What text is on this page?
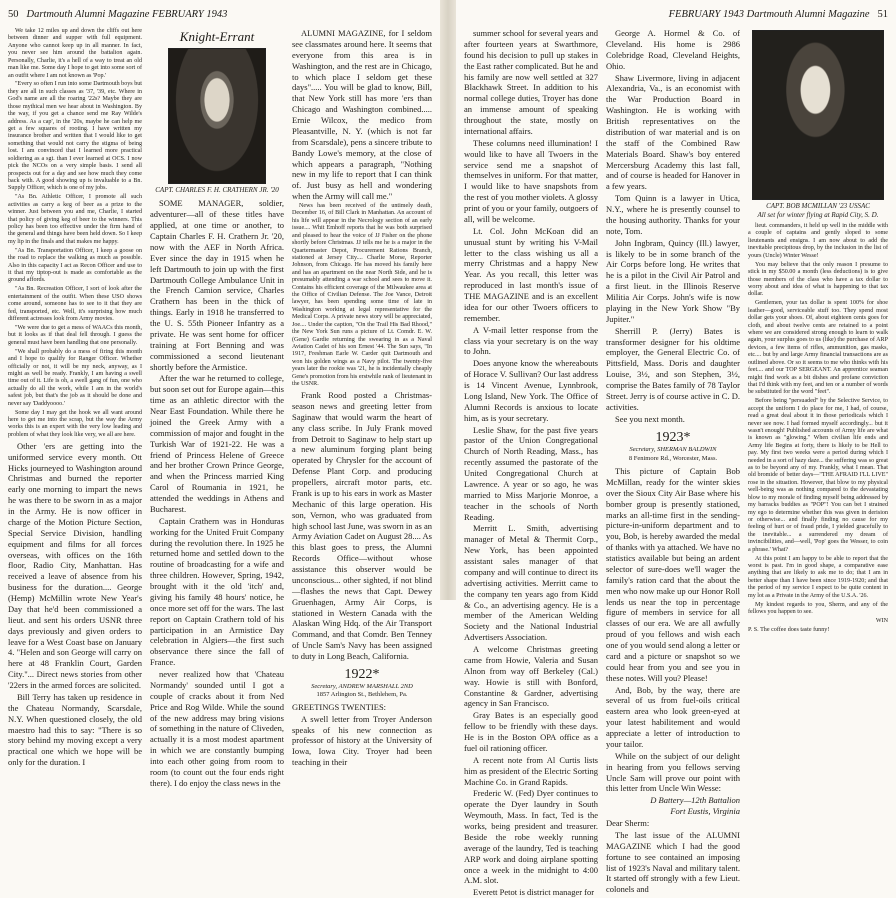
50 Dartmouth Alumni Magazine FEBRUARY 1943

We take 12 miles up and down the cliffs out here between dinner and supper with full equipment. Anyone who cannot keep up in all manner. In fact, you never see him around the battalion again. Personally, Charlie, it's a hell of a way to treat an old man like me. Some day I hope to get into some sort of an outfit where I am not known as 'Pop.'

"Every so often I run into some Dartmouth boys but they are all in such classes as '37, '39, etc. Where in God's name are all the roaring '22s? Maybe they are those mythical men we hear about in Washington. By the way, if you get a chance send me Ray Wilde's address. As a cap', in the '20s, maybe he can help me get a few squares of rooting. I have written my insurance brother and written that I would like to get something that would not carry the stigma of being lost. I am convinced that I learned more practical soldiering as a sgt. than I ever learned at OCS. I now pick the NCOs on a very simple basis. I send all prospects out for a day and see how much they come back with. A good showing up is invaluable to a Bn. Supply Officer, which is one of my jobs.

"As Bn. Athletic Officer, I promote all such activities as carry a keg of beer as a prize to the winner. Just between you and me, Charlie, I started that policy of giving keg of beer to the winners. This policy has been too effective under the firm hand of the general and things have been held down. So I keep my lip in the finals and that makes me happy.

"As Bn. Transportation Officer, I keep a goose on the road to replace the walking as much as possible. Also in this capacity I act as Recon Officer and use to it that my tiptop-out is made as comfortable as the ground affords.

"As Bn. Recreation Officer, I sort of look after the entertainment of the outfit. When these USO shows come around, someone has to see to it that they are fed, transported, etc. Well, it's surprising how much different actresses look from Army movies.

"We were due to get a mess of WAACs this month, but it looks as if that deal fell through. I guess the general must have been handling that one personally.

"We shall probably do a mess of firing this month and I hope to qualify for Ranger Officer. Whether officially or not, it will be my neck, anyway, as I might as well be ready. Frankly, I am having a swell time out of it. Life is oh, a swell gang of fun, one who actually do all the work, while I am in the world's safest job, but that's the job as it should be done and never say 'Daddyoooo.'

Some day I may get the hook we all want around here to get me into the scrap, but the way the Army works this is an expert with the very low leading and problem of what they look like very, we all are here.

Other 'ers are getting into the uniformed service every month. Ott Hicks journeyed to Washington around Christmas and burned the reporter early one morning to impart the news he was there to be sworn in as a major in the Army. He is now officer in charge of the Motion Picture Section, Special Service Division, handling equipment and films for all forces overseas, with offices on the 16th floor, Radio City, Manhattan. Has received a leave of absence from his business for the duration.... George (Hemp) McMillin wrote New Year's Day that he'd been commissioned a lieut. and sent his orders USNR three days previously and given orders to leave for a West Coast base on January 4. "Helen and son George will carry on here at 48 Franklin Court, Garden City."... Direct news stories from other '22ers in the armed forces are solicited.

Bill Terry has taken up residence in the Chateau Normandy, Scarsdale, N.Y. When questioned closely, the old maestro had this to say: "There is so story behind my moving except a very practical one which we hope will be only for the duration. I

Knight-Errant
CAPT. CHARLES F. H. CRATHERN JR. '20

SOME MANAGER, soldier, adventurer—all of these titles have applied, at one time or another, to Captain Charles F. H. Crathern Jr. '20, now with the AEF in North Africa. Ever since the day in 1915 when he left Dartmouth to join up with the first Dartmouth College Ambulance Unit in the French Camion service, Charles Crathern has been in the thick of things. Early in 1918 he transferred to the U. S. 55th Pioneer Infantry as a private. He was sent home for officer training at Fort Benning and was commissioned a second lieutenant shortly before the Armistice.

After the war he returned to college, but soon set out for Europe again—this time as an athletic director with the Near East Foundation. While there he joined the Greek Army with a commission of major and fought in the Turkish War of 1921-22. He was a friend of Princess Helene of Greece and her brother Crown Prince George, and when the Princess married King Carol of Roumania in 1921, he attended the weddings in Athens and Bucharest.

Captain Crathern was in Honduras working for the United Fruit Company during the revolution there. In 1925 he returned home and settled down to the routine of broadcasting for a wife and three children. However, Spring, 1942, brought with it the old 'itch' and, giving his family 48 hours' notice, he once more set off for the wars. The last report on Captain Crathern told of his participation in an Armistice Day celebration in Algiers—the first such observance there since the fall of France.

never realized how that 'Chateau Normandy' sounded until I got a couple of cracks about it from Ned Price and Rog Wilde. While the sound of the new address may bring visions of something in the nature of Cliveden, actually it is a most modest apartment in which we are constantly bumping into each other going from room to room (to count out the four ends right there). I do enjoy the class news in the

ALUMNI MAGAZINE, for I seldom see classmates around here. It seems that everyone from this area is in Washington, and the rest are in Chicago, to which place I seldom get these days"..... You will be glad to know, Bill, that New York still has more 'ers than Chicago and Washington combined..... Ernie Wilcox, the medico from Pleasantville, N. Y. (which is not far from Scarsdale), pens a sincere tribute to Bandy Lowe's memory, at the close of which appears a paragraph, "Nothing new in my life to report that I can think of. Just busy as hell and wondering when the Army will call me."

News has been received of the untimely death, December 16, of Bill Clark in Manhattan. An account of his life will appear in the Necrology section of an early issue.... Whit Emhoff reports that he was both surprised and pleased to hear the voice of JJ Fisher on the phone shortly before Christmas. JJ tells me he is a major in the Quartermaster Depot, Procurement Rations Branch, stationed at Jersey City.... Charlie Morse, Reporter Johnson, from Chicago. He has moved his family here and has an apartment on the near North Side, and he is presumably attending a war school and sees to move it. Contains his efficient coverage of the Milwaukee area at the Office of Civilian Defense. The Joe Vance, Detroit lawyer, has been spending some time of late in Washington working at legal representative for the Medical Corps. A private news story will be appreciated, Joe.... Under the caption, "On the Trail His Bad Rhood," the New York Sun runs a picture of Lt. Comdr. E. W. (Gene) Gardie returning the swearing in as a Naval Aviation Cadet of his son Ernest '44. The Sun says, "In 1917, Freshman Earle W. Carder quit Dartmouth and won his golden wings as a Navy pilot. The twenty-five years later the rookie was '21, he is incidentally cheaply Gene's promotion from his erstwhile rank of lieutenant in the USNR.

Frank Rood posted a Christmas-season news and greeting letter from Saginaw that would warm the heart of any class scribe. In July Frank moved from Detroit to Saginaw to help start up a new aluminum forging plant being operated by Chrysler for the account of Defense Plant Corp. and producing propellers, aircraft motor parts, etc. Frank is up to his ears in work as Master Mechanic of this large operation. His son, Vernon, who was graduated from high school last June, was sworn in as an Army Aviation Cadet on August 28.... As this blast goes to press, the Alumni Records Office—without whose assistance this observer would be unconscious... other sighted, if not blind—flashes the news that Capt. Dewey Gruenhagen, Army Air Corps, is stationed in Western Canada with the Alaskan Wing Hdq. of the Air Transport Command, and that Comdr. Ben Tenney of Uncle Sam's Navy has been assigned to duty in Long Beach, California.

1922*
Secretary, ANDREW MARSHALL 2ND
1857 Arlington St., Bethlehem, Pa.

GREETINGS TWENTIES:

A swell letter from Troyer Anderson speaks of his new connection as professor of history at the University of Iowa, Iowa City. Troyer had been teaching in their

FEBRUARY 1943 Dartmouth Alumni Magazine 51

summer school for several years and after fourteen years at Swarthmore, found his decision to pull up stakes in the East rather complicated. But he and his family are now well settled at 327 Blackhawk Street. In addition to his normal college duties, Troyer has done an immense amount of speaking throughout the state, mostly on international affairs.

These columns need illumination! I would like to have all Twoers in the service send me a snapshot of themselves in uniform. For that matter, I would like to have snapshots from the rest of you mother violets. A glossy print of you or your family, outgoers of all, will be welcome.

Lt. Col. John McKoan did an unusual stunt by writing his V-Mail letter to the class wishing us all a merry Christmas and a happy New Year. As you recall, this letter was reproduced in last month's issue of THE MAGAZINE and is an excellent idea for our other Twoers officers to remember.

A V-mail letter response from the class via your secretary is on the way to John.

Does anyone know the whereabouts of Horace V. Sullivan? Our last address is 14 Vincent Avenue, Lynnbrook, Long Island, New York. The Office of Alumni Records is anxious to locate him, as is your secretary.

Leslie Shaw, for the past five years pastor of the Union Congregational Church of North Reading, Mass., has recently assumed the pastorate of the United Congregational Church at Lawrence. A year or so ago, he was married to Miss Marjorie Monroe, a teacher in the schools of North Reading.

Merritt L. Smith, advertising manager of Metal & Thermit Corp., New York, has been appointed assistant sales manager of that company and will continue to direct its advertising activities. Merritt came to the company ten years ago from Kidd & Co., an advertising agency. He is a member of the American Welding Society and the National Industrial Advertisers Association.

A welcome Christmas greeting came from Howie, Valeria and Susan Alnon from way off Berkeley (Cal.) way. Howie is still with Bonford, Constantine & Gardner, advertising agency in San Francisco.

Gray Bates is an especially good fellow to be friendly with these days. He is in the Boston OPA office as a fuel oil rationing officer.

A recent note from Al Curtis lists him as president of the Electric Sorting Machine Co. in Grand Rapids.

Frederic W. (Fed) Dyer continues to operate the Dyer laundry in South Weymouth, Mass. In fact, Ted is the works, being president and treasurer. Beside the robe weekly running average of the laundry, Ted is teaching ARP work and doing airplane spotting once a week in the midnight to 4:00 A.M. slot.

Everett Petot is district manager for

George A. Hormel & Co. of Cleveland. His home is 2986 Colebridge Road, Cleveland Heights, Ohio.

Shaw Livermore, living in adjacent Alexandria, Va., is an economist with the War Production Board in Washington. He is working with British representatives on the distribution of war material and is on the staff of the Combined Raw Materials Board. Shaw's boy entered Mercersburg Academy this last fall, and of course is headed for Hanover in a few years.

Tom Quinn is a lawyer in Utica, N.Y., where he is presently counsel to the housing authority. Thanks for your note, Tom.

John Ingbram, Quincy (Ill.) lawyer, is likely to be in some branch of the Air Corps before long. He writes that he is a pilot in the Civil Air Patrol and a first lieut. in the Illinois Reserve Militia Air Corps. John's wife is now playing in the New York Show "By Jupiter."

Sherrill P. (Jerry) Bates is transformer designer for his oldtime employer, the General Electric Co. of Pittsfield, Mass. Doris and daughter Louise, 3½, and son Stephen, 3½, comprise the Bates family of 78 Taylor Street. Jerry is of course active in C. D. activities.

See you next month.

1923*
Secretary, SHERMAN BALDWIN
8 Fenimore Rd., Worcester, Mass.

This picture of Captain Bob McMillan, ready for the winter skies over the Sioux City Air Base where his bomber group is presently stationed, marks an all-time first in the sending-picture-in-uniform department and to you, Bob, is hereby awarded the medal of thanks with ya attached. We have no statistics available but being an ardent selector of sure-does we'll wager the family's ration card that the about the men who now make up our Honor Roll lends us near the top in percentage figure of members in service for all classes of our era. We are all awfully proud of you fellows and wish each one of you would send along a letter or card and a picture or snapshot so we could hear from you and see you in these notes. Will you? Please!

And, Bob, by the way, there are several of us from fuel-oils critical eastern area who look green-eyed at your latest habilitement and would appreciate a letter of introduction to your tailor.

While on the subject of our delight in hearing from you fellows serving Uncle Sam will prove our point with this letter from Uncle Win Wesse:

D Battery—12th Battalion
Fort Eustis, Virginia

Dear Sherm:

The last issue of the ALUMNI MAGAZINE which I had the good fortune to see contained an imposing list of 1923's Naval and military talent. It started off strongly with a few Lieut. colonels and

CAPT. BOB MCMILLAN '23 USSAC
All set for winter flying at Rapid City, S. D.

lieut. commanders, it held up well in the middle with a couple of captains and gently sloped to some lieutenants and ensigns. I am now about to add the inevitable precipitous drop, by the inclusion in the list of yours (Uncle) Winter Wesse!

You may believe that the only reason I presume to stick in my $50.00 a month (less deductions) is to give those members of the class who have a tax dollar to worry about and idea of what is happening to that tax dollar.

Gentlemen, your tax dollar is spent 100% for shoe leather—good, serviceable stuff too. They spend most dollar gets your shoes. Of, about eighteen cents goes for cloth, and about twelve cents are retained to a point where we are considered strong enough to learn to walk again, your surplus goes to us (like) the purchase of ARP devices, a few items of rifles, ammunition, gas masks, etc.... but by and large Army financial transactions are as outlined above. Or so it seems to me who thinks with his feet.... and our TOP SERGEANT. An apprentice seaman might find work as a bit dishes and profane conviction that I'd think with my feet, and ten or a number of words be substituted for the word "feet".

Before being "persuaded" by the Selective Service, to accept the uniform I do place for me, I had, of course, read a great deal about it in those periodicals which I never see now. I had formed myself accordingly... but it wasn't enough! Published accounts of Army life are what is known as "glowing." When civilian life ends and Army life Begins at forty, there is likely to be Hell to pay. My first two weeks were a period during which I needed in a sort of hazy daze... the suffering was so great as to be beyond any of my. Frankly, what I mean. That old bromide of better days—"THE AFRAID I'LL LIVE" rose in the situation. However, that blow to my physical well-being was as nothing compared to the devastating blow to my morale of finding myself being addressed by my barracks buddies as "POP"! You can bet I strained my ego to determine whether this was given in derision or otherwise... and finally finding no cause for my feeling of hurt or of fraud pride, I yielded gracefully to the inevitable... a surrendered my dream of invincibilities, and—well, 'Pop' goes the Wesser, to coin a phrase.' What?

At this point I am happy to be able to report that the worst is past. I'm in good shape, a comparative ease anything that are likely to ask me to do; that I am in better shape than I have been since 1919-1920; and that the period of my service I expect to be quite content in my lot as a Private in the Army of the U.S.A. '26.

My kindest regards to you, Sherm, and any of the fellows you happen to see.

WIN

P. S. The coffee does taste funny!
